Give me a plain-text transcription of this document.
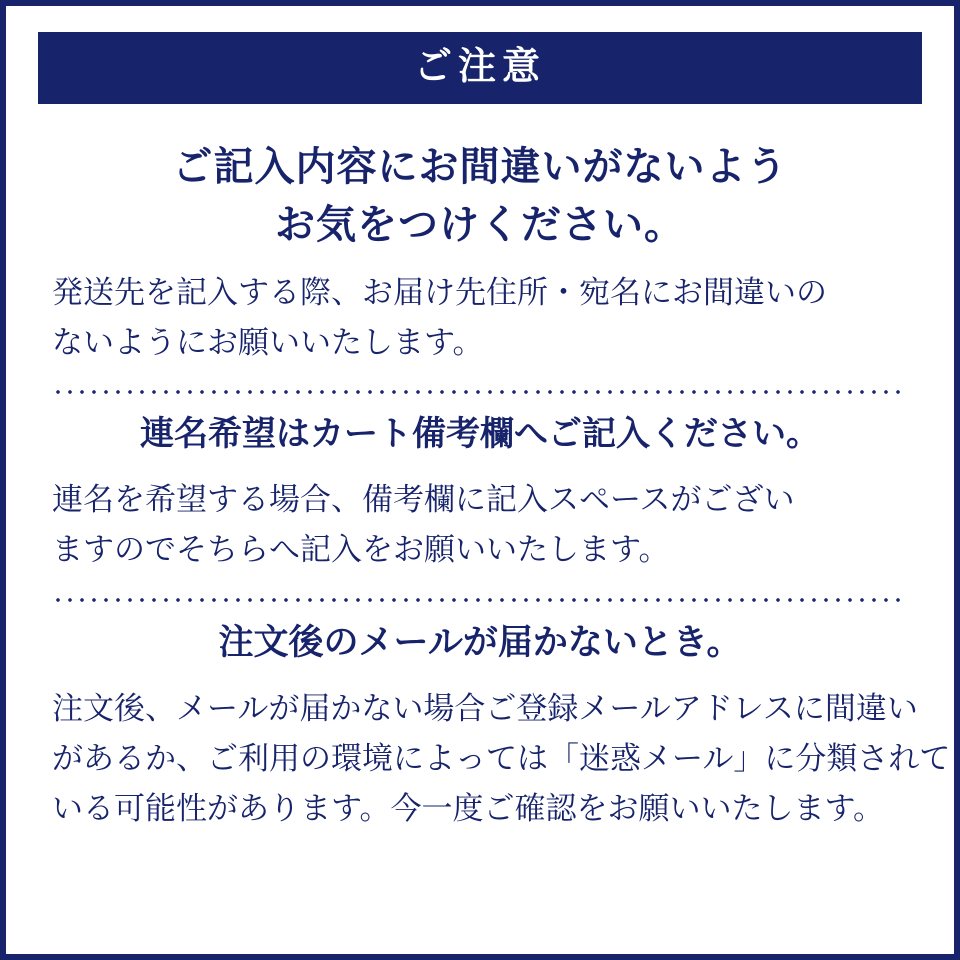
ご注意
ご記入内容にお間違いがないよう
お気をつけください。
発送先を記入する際、お届け先住所・宛名にお間違いの
ないようにお願いいたします。
連名希望はカート備考欄へご記入ください。
連名を希望する場合、備考欄に記入スペースがござい
ますのでそちらへ記入をお願いいたします。
注文後のメールが届かないとき。
注文後、メールが届かない場合ご登録メールアドレスに間違い
があるか、ご利用の環境によっては「迷惑メール」に分類されて
いる可能性があります。今一度ご確認をお願いいたします。
